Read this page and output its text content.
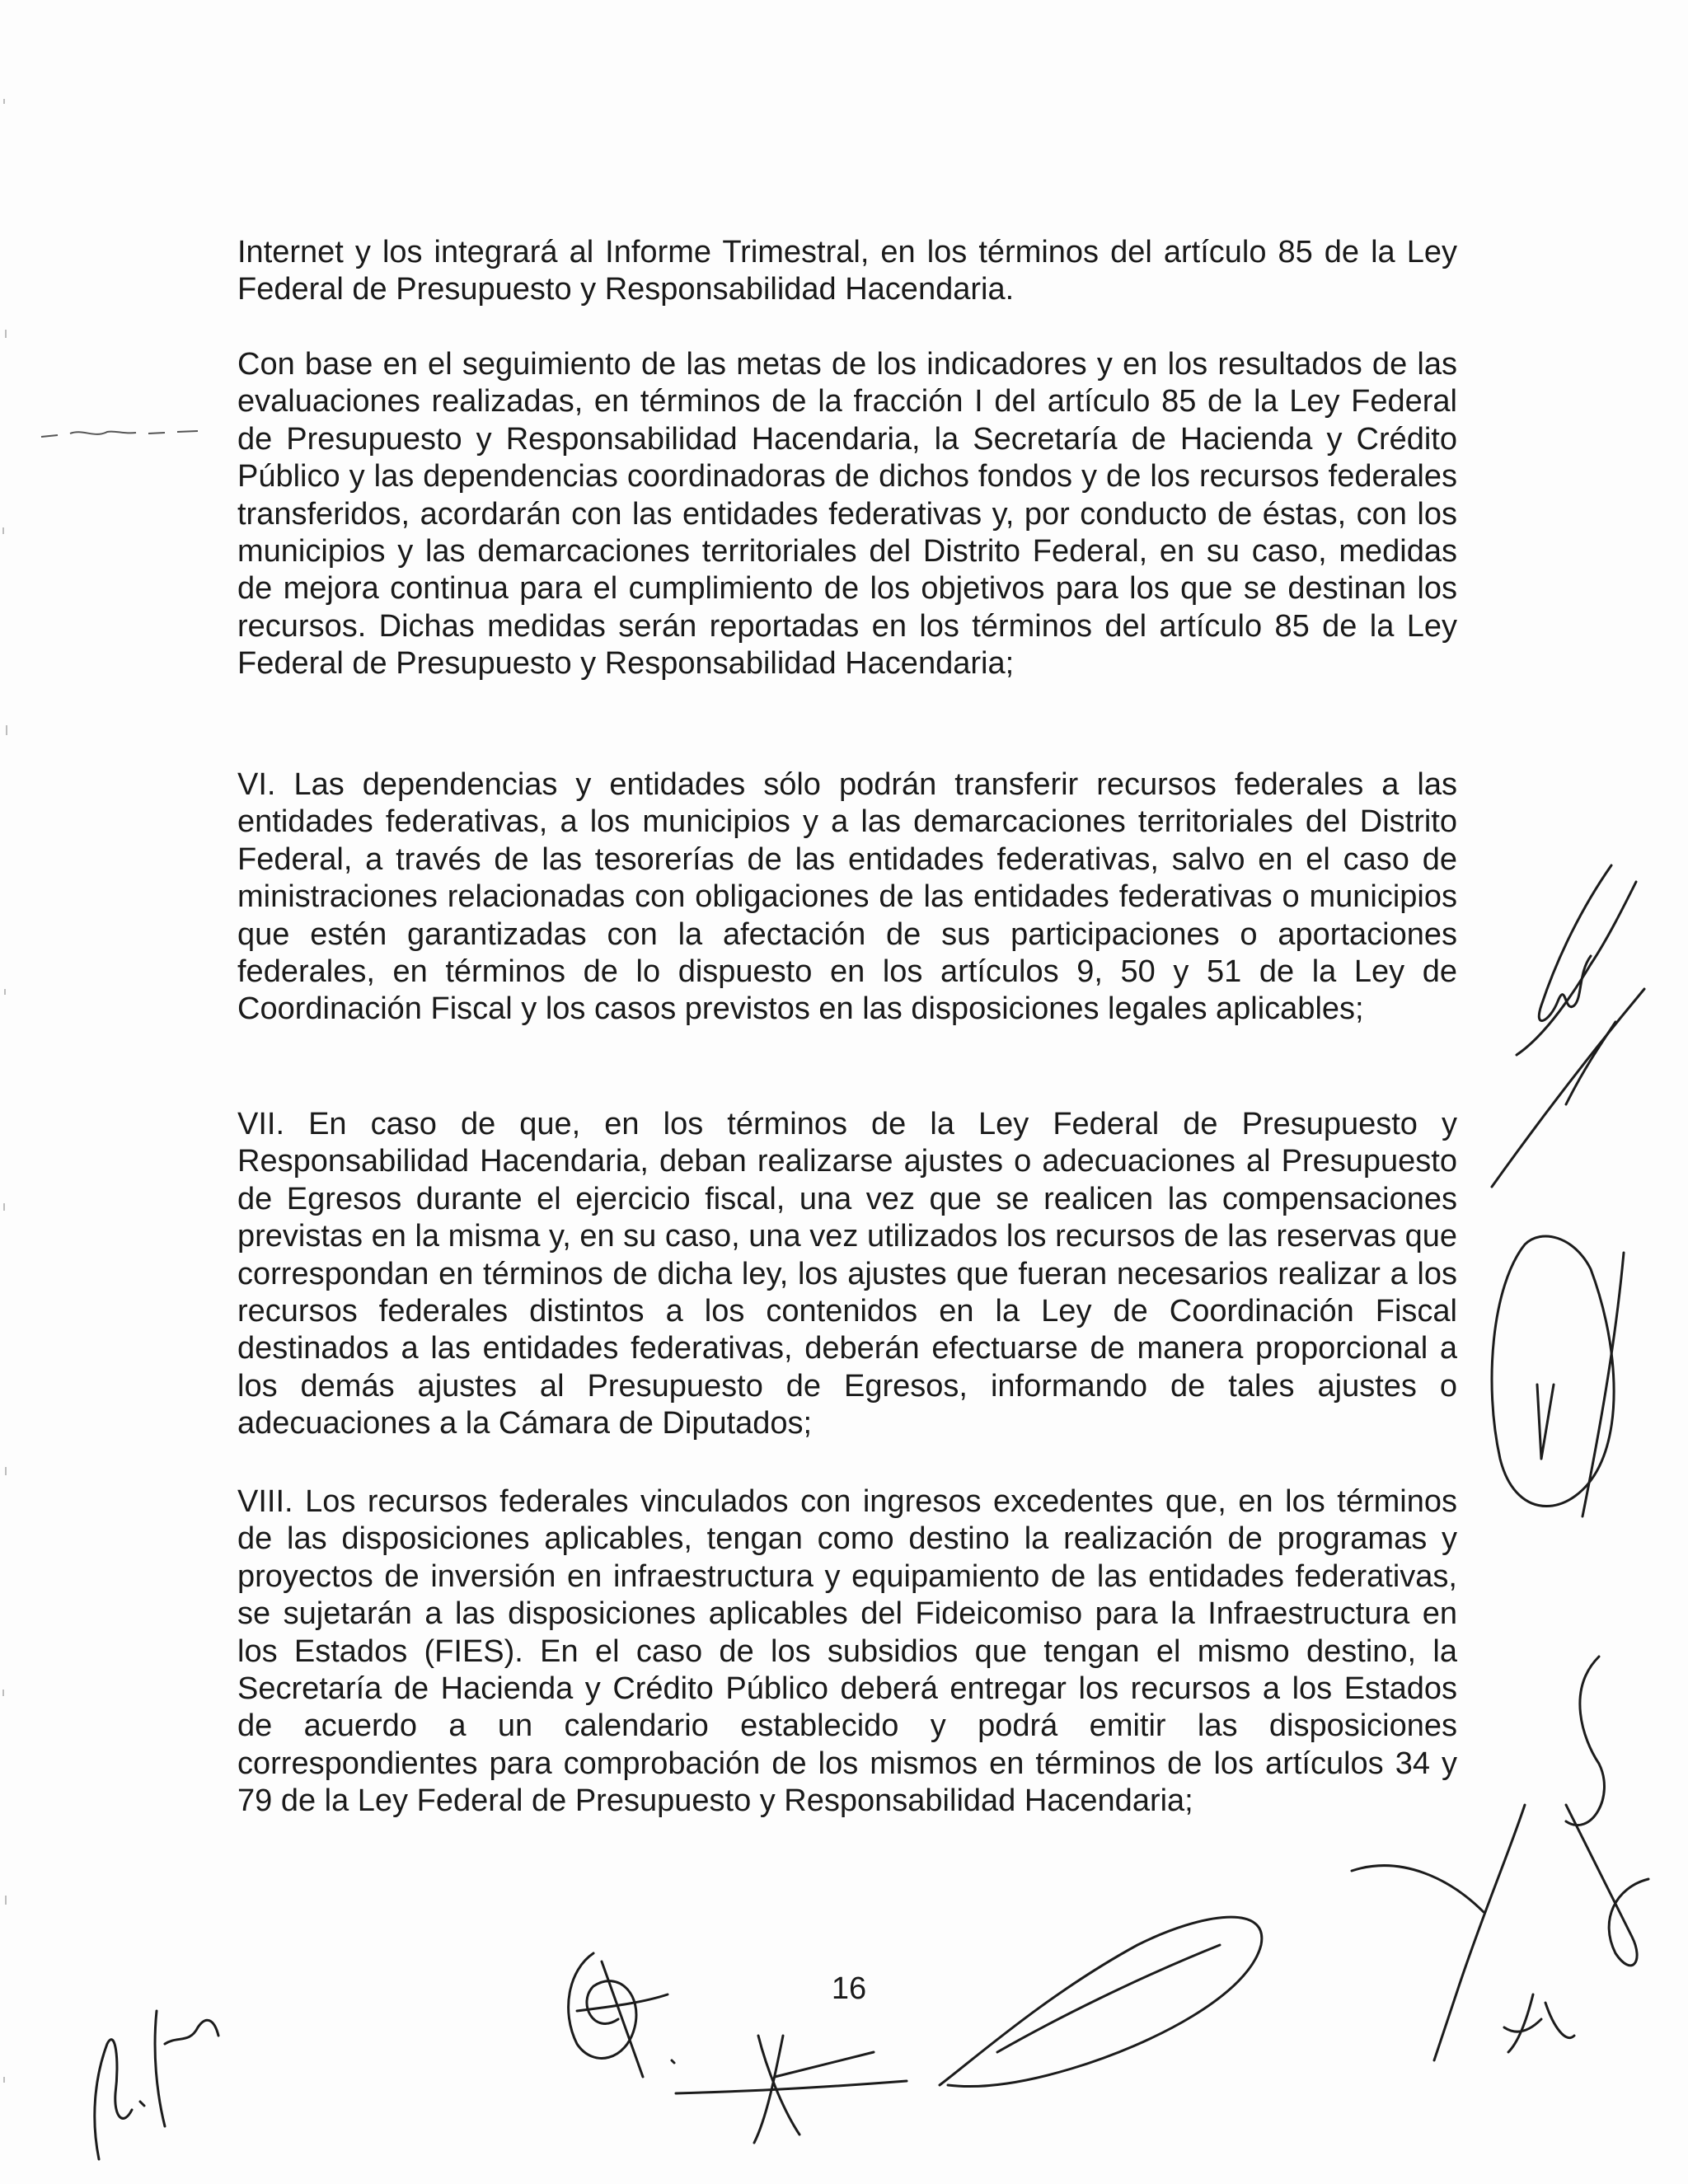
Internet y los integrará al Informe Trimestral, en los términos del artículo 85 de la Ley Federal de Presupuesto y Responsabilidad Hacendaria.

Con base en el seguimiento de las metas de los indicadores y en los resultados de las evaluaciones realizadas, en términos de la fracción I del artículo 85 de la Ley Federal de Presupuesto y Responsabilidad Hacendaria, la Secretaría de Hacienda y Crédito Público y las dependencias coordinadoras de dichos fondos y de los recursos federales transferidos, acordarán con las entidades federativas y, por conducto de éstas, con los municipios y las demarcaciones territoriales del Distrito Federal, en su caso, medidas de mejora continua para el cumplimiento de los objetivos para los que se destinan los recursos. Dichas medidas serán reportadas en los términos del artículo 85 de la Ley Federal de Presupuesto y Responsabilidad Hacendaria;

VI. Las dependencias y entidades sólo podrán transferir recursos federales a las entidades federativas, a los municipios y a las demarcaciones territoriales del Distrito Federal, a través de las tesorerías de las entidades federativas, salvo en el caso de ministraciones relacionadas con obligaciones de las entidades federativas o municipios que estén garantizadas con la afectación de sus participaciones o aportaciones federales, en términos de lo dispuesto en los artículos 9, 50 y 51 de la Ley de Coordinación Fiscal y los casos previstos en las disposiciones legales aplicables;

VII. En caso de que, en los términos de la Ley Federal de Presupuesto y Responsabilidad Hacendaria, deban realizarse ajustes o adecuaciones al Presupuesto de Egresos durante el ejercicio fiscal, una vez que se realicen las compensaciones previstas en la misma y, en su caso, una vez utilizados los recursos de las reservas que correspondan en términos de dicha ley, los ajustes que fueran necesarios realizar a los recursos federales distintos a los contenidos en la Ley de Coordinación Fiscal destinados a las entidades federativas, deberán efectuarse de manera proporcional a los demás ajustes al Presupuesto de Egresos, informando de tales ajustes o adecuaciones a la Cámara de Diputados;

VIII. Los recursos federales vinculados con ingresos excedentes que, en los términos de las disposiciones aplicables, tengan como destino la realización de programas y proyectos de inversión en infraestructura y equipamiento de las entidades federativas, se sujetarán a las disposiciones aplicables del Fideicomiso para la Infraestructura en los Estados (FIES). En el caso de los subsidios que tengan el mismo destino, la Secretaría de Hacienda y Crédito Público deberá entregar los recursos a los Estados de acuerdo a un calendario establecido y podrá emitir las disposiciones correspondientes para comprobación de los mismos en términos de los artículos 34 y 79 de la Ley Federal de Presupuesto y Responsabilidad Hacendaria;

16
